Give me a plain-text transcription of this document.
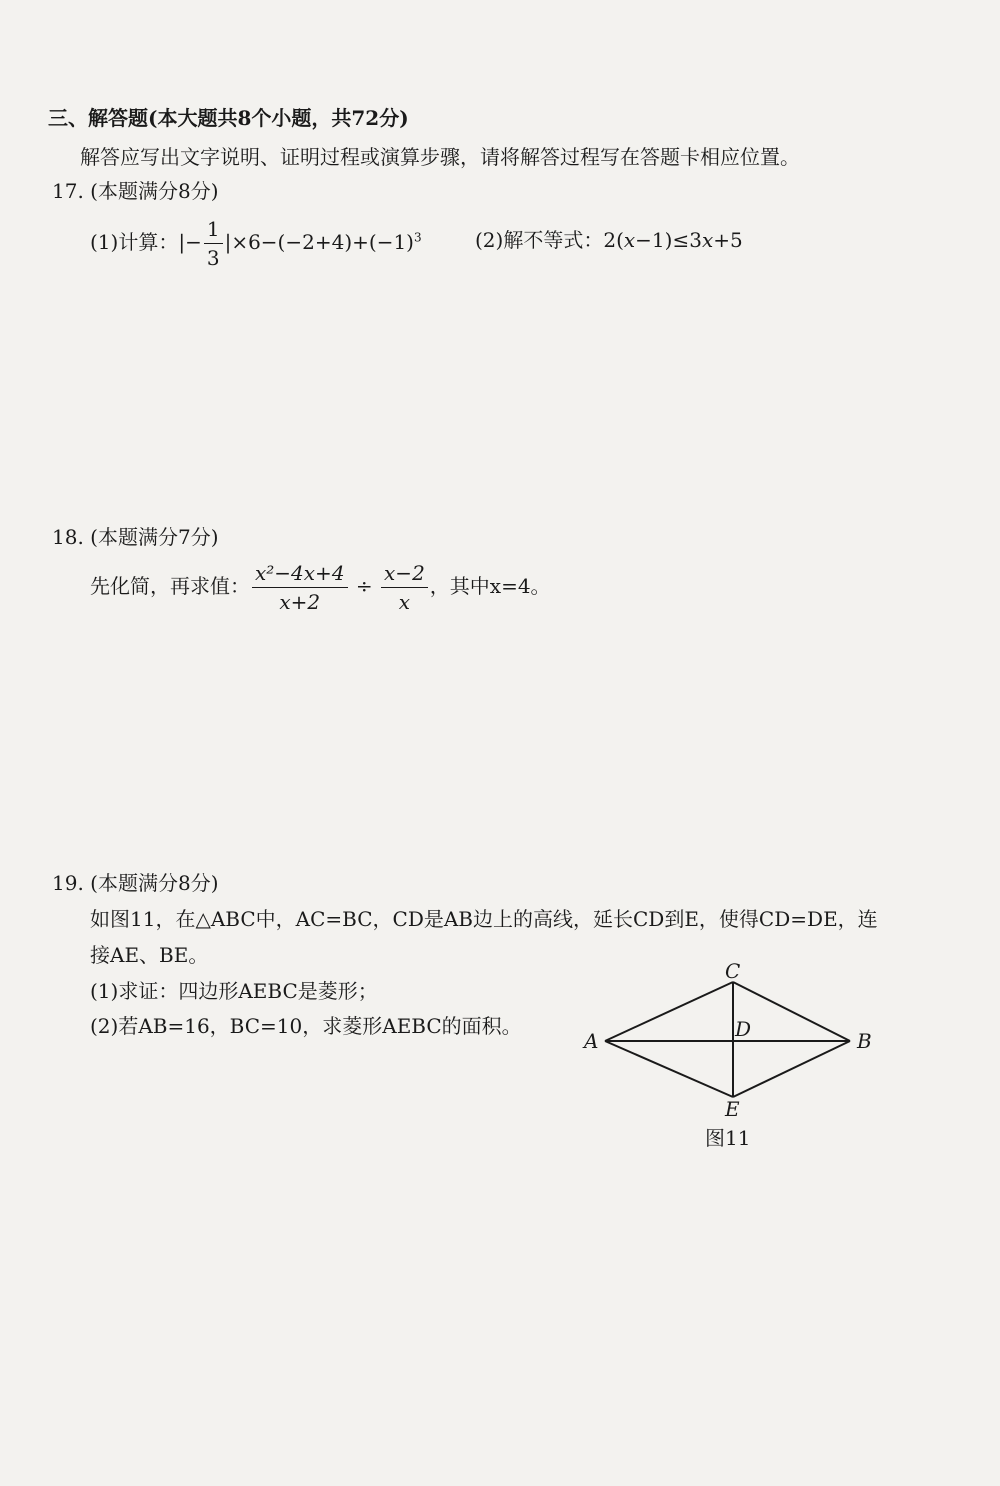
三、解答题(本大题共8个小题，共72分)
解答应写出文字说明、证明过程或演算步骤，请将解答过程写在答题卡相应位置。
17. (本题满分8分)
(1)计算：|− $\frac{1}{3} |\times 6-(-2+4)+(-1)^3$	(2)解不等式：2(x−1)≤3x+5
18. (本题满分7分)
先化简，再求值： $\frac{\text{x²−4x+4}}{x+2} \div \frac{x-2}{x}$ ，其中x=4。
19. (本题满分8分)
如图11，在△ABC中，AC=BC，CD是AB边上的高线，延长CD到E，使得CD=DE，连
接AE、BE。
(1)求证：四边形AEBC是菱形；
(2)若AB=16，BC=10，求菱形AEBC的面积。
C
D
A	B
E
图11
